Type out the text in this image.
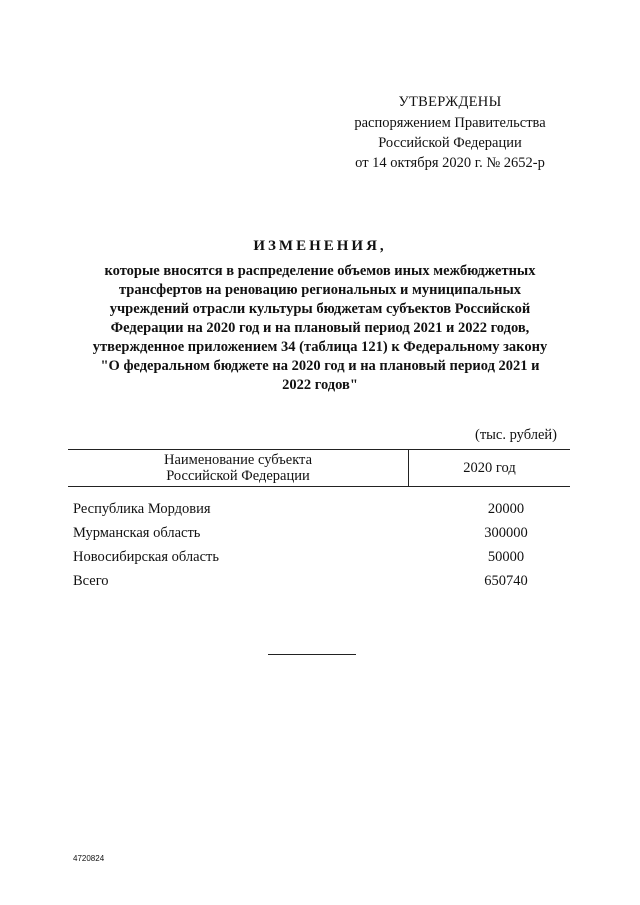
УТВЕРЖДЕНЫ
распоряжением Правительства
Российской Федерации
от 14 октября 2020 г. № 2652-р
ИЗМЕНЕНИЯ,
которые вносятся в распределение объемов иных межбюджетных
трансфертов на реновацию региональных и муниципальных
учреждений отрасли культуры бюджетам субъектов Российской
Федерации на 2020 год и на плановый период 2021 и 2022 годов,
утвержденное приложением 34 (таблица 121) к Федеральному закону
"О федеральном бюджете на 2020 год и на плановый период 2021 и
2022 годов"
(тыс. рублей)
Наименование субъекта
Российской Федерации	2020 год
Республика Мордовия	20000
Мурманская область	300000
Новосибирская область	50000
Всего	650740
4720824
